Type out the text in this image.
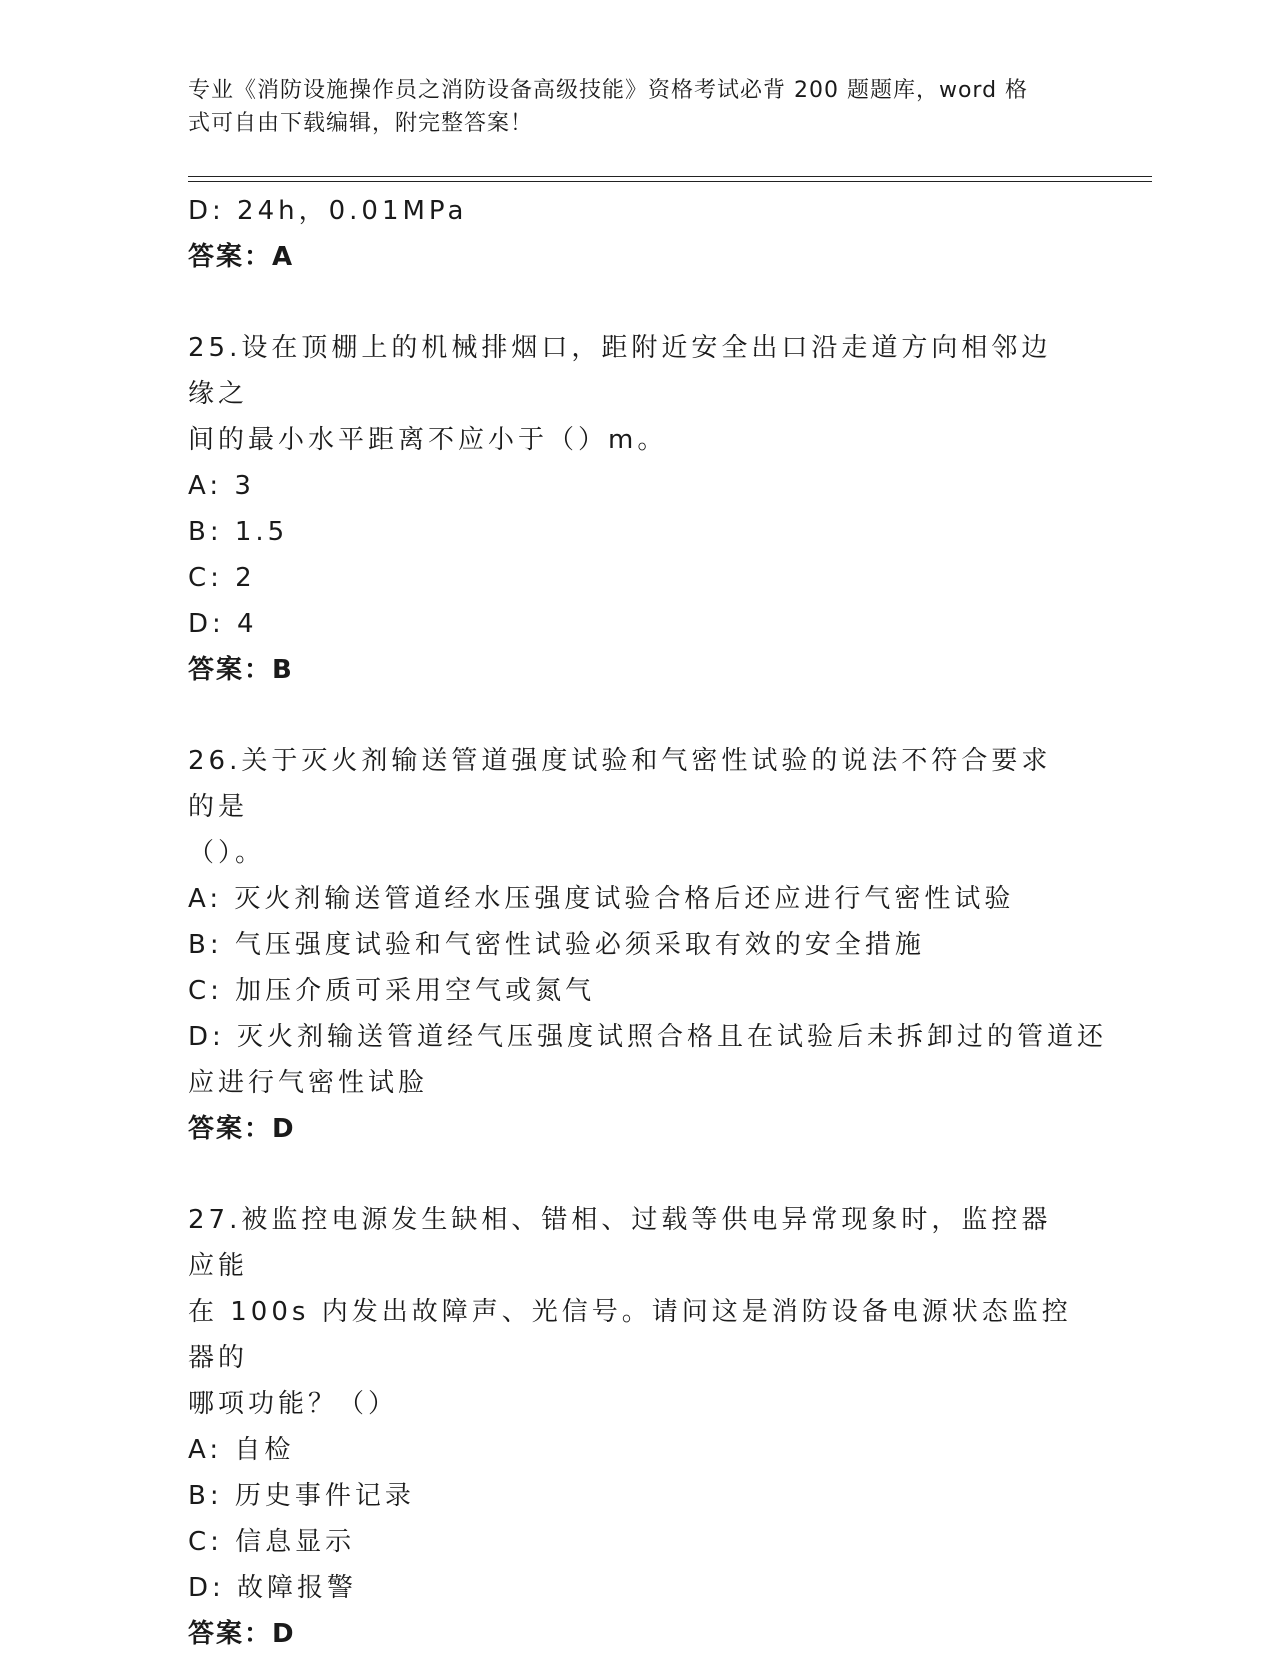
专业《消防设施操作员之消防设备高级技能》资格考试必背 200 题题库，word 格
式可自由下载编辑，附完整答案！
D: 24h，0.01MPa
答案：A
25.设在顶棚上的机械排烟口，距附近安全出口沿走道方向相邻边缘之
间的最小水平距离不应小于（）m。
A: 3
B: 1.5
C: 2
D: 4
答案：B
26.关于灭火剂输送管道强度试验和气密性试验的说法不符合要求的是
（）。
A: 灭火剂输送管道经水压强度试验合格后还应进行气密性试验
B: 气压强度试验和气密性试验必须采取有效的安全措施
C: 加压介质可采用空气或氮气
D: 灭火剂输送管道经气压强度试照合格且在试验后未拆卸过的管道还
应进行气密性试脸
答案：D
27.被监控电源发生缺相、错相、过载等供电异常现象时，监控器应能
在 100s 内发出故障声、光信号。请问这是消防设备电源状态监控器的
哪项功能？（）
A: 自检
B: 历史事件记录
C: 信息显示
D: 故障报警
答案：D
